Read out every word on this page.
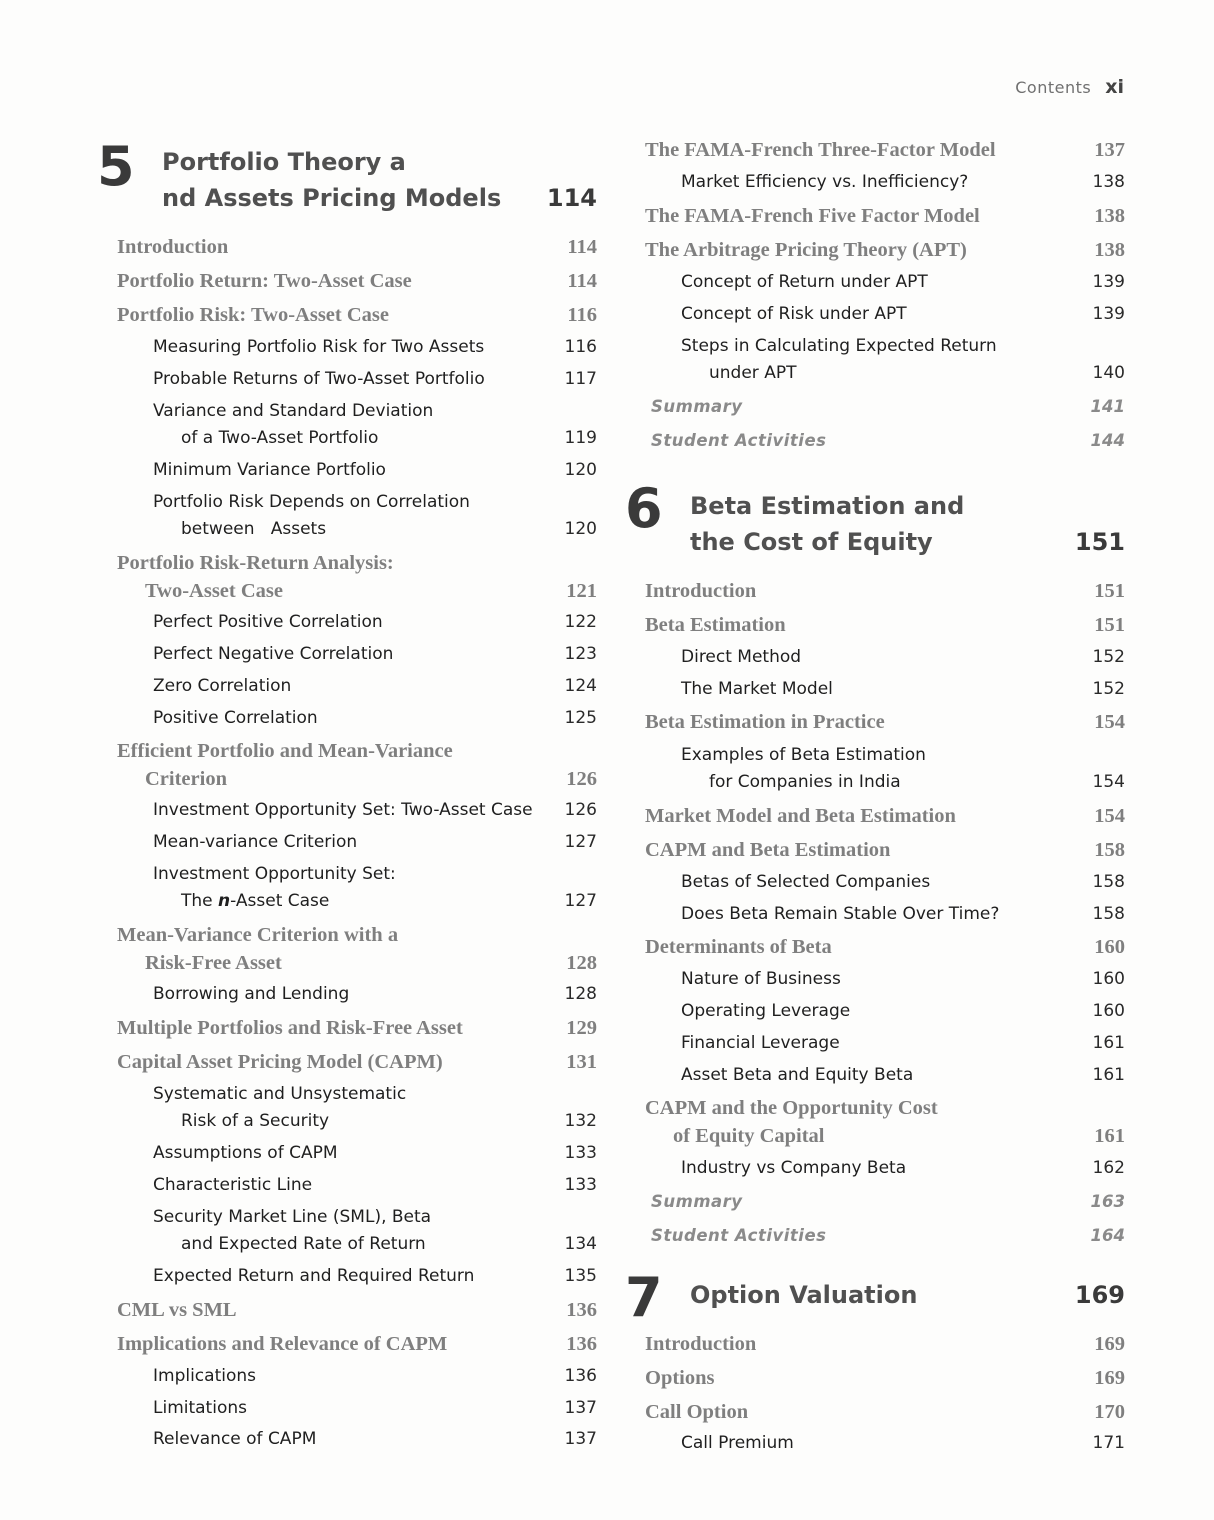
Contents xi
5 Portfolio Theory a
nd Assets Pricing Models 114
Introduction	114
Portfolio Return: Two-Asset Case	114
Portfolio Risk: Two-Asset Case	116
Measuring Portfolio Risk for Two Assets	116
Probable Returns of Two-Asset Portfolio	117
Variance and Standard Deviation
of a Two-Asset Portfolio	119
Minimum Variance Portfolio	120
Portfolio Risk Depends on Correlation
between   Assets	120
Portfolio Risk-Return Analysis:
Two-Asset Case	121
Perfect Positive Correlation	122
Perfect Negative Correlation	123
Zero Correlation	124
Positive Correlation	125
Efficient Portfolio and Mean-Variance
Criterion	126
Investment Opportunity Set: Two-Asset Case 126
Mean-variance Criterion	127
Investment Opportunity Set:
The n-Asset Case	127
Mean-Variance Criterion with a
Risk-Free Asset	128
Borrowing and Lending	128
Multiple Portfolios and Risk-Free Asset	129
Capital Asset Pricing Model (CAPM)	131
Systematic and Unsystematic
Risk of a Security	132
Assumptions of CAPM	133
Characteristic Line	133
Security Market Line (SML), Beta
and Expected Rate of Return	134
Expected Return and Required Return	135
CML vs SML	136
Implications and Relevance of CAPM	136
Implications	136
Limitations	137
Relevance of CAPM	137
The FAMA-French Three-Factor Model	137
Market Efficiency vs. Inefficiency?	138
The FAMA-French Five Factor Model	138
The Arbitrage Pricing Theory (APT)	138
Concept of Return under APT	139
Concept of Risk under APT	139
Steps in Calculating Expected Return
under APT	140
Summary	141
Student Activities	144
6 Beta Estimation and
the Cost of Equity	151
Introduction	151
Beta Estimation	151
Direct Method	152
The Market Model	152
Beta Estimation in Practice	154
Examples of Beta Estimation
for Companies in India	154
Market Model and Beta Estimation	154
CAPM and Beta Estimation	158
Betas of Selected Companies	158
Does Beta Remain Stable Over Time?	158
Determinants of Beta	160
Nature of Business	160
Operating Leverage	160
Financial Leverage	161
Asset Beta and Equity Beta	161
CAPM and the Opportunity Cost
of Equity Capital	161
Industry vs Company Beta	162
Summary	163
Student Activities	164
7 Option Valuation	169
Introduction	169
Options	169
Call Option	170
Call Premium	171
